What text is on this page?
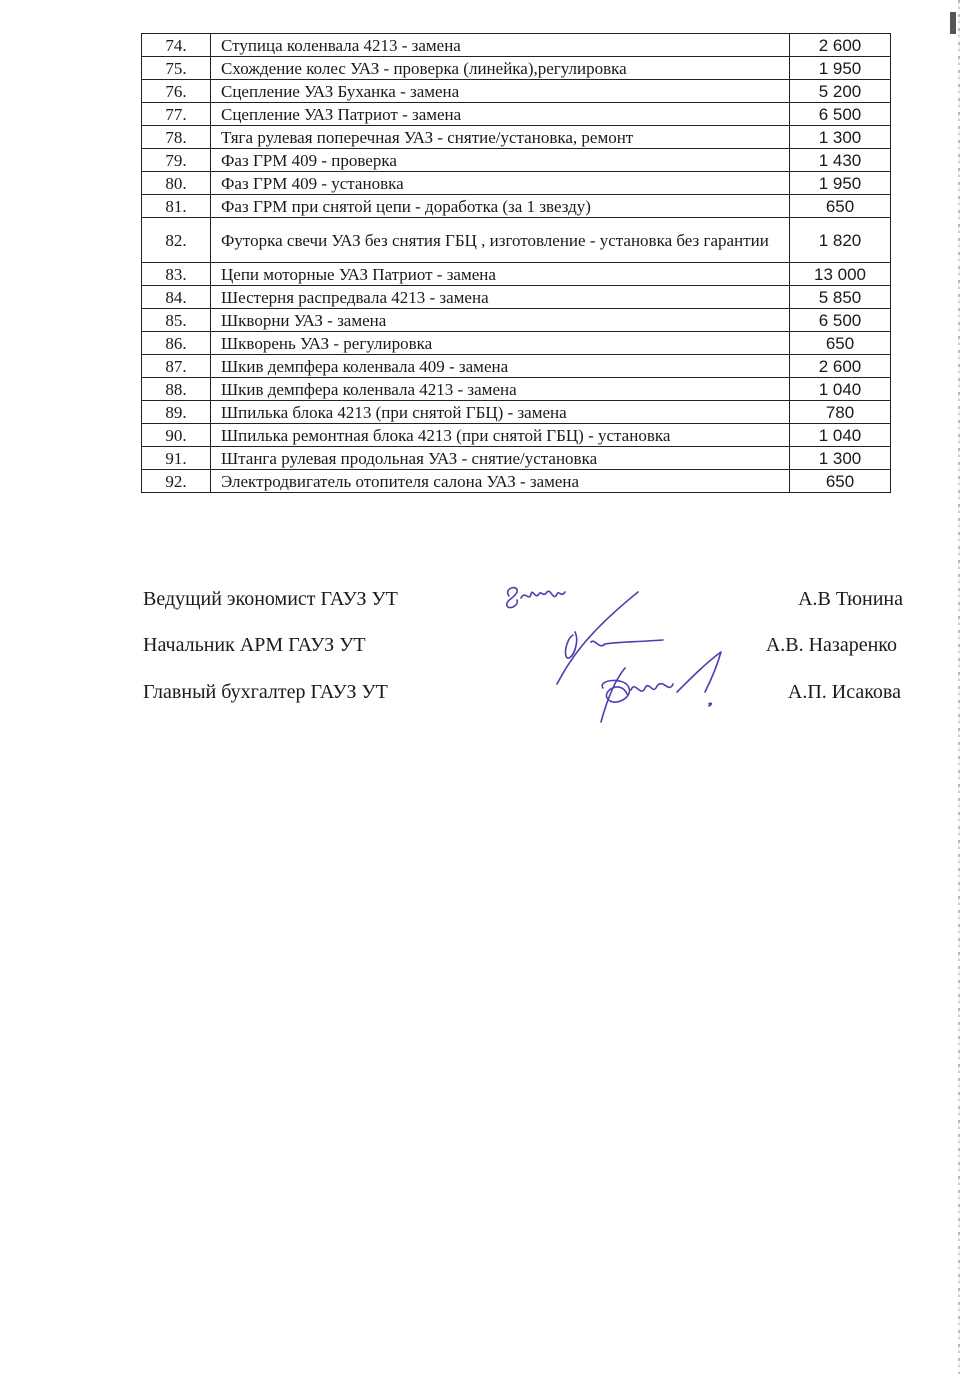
74.	Ступица коленвала 4213 - замена	2 600
75.	Схождение колес УАЗ - проверка (линейка),регулировка	1 950
76.	Сцепление УАЗ Буханка - замена	5 200
77.	Сцепление УАЗ Патриот - замена	6 500
78.	Тяга рулевая поперечная УАЗ - снятие/установка, ремонт	1 300
79.	Фаз ГРМ 409 - проверка	1 430
80.	Фаз ГРМ 409 - установка	1 950
81.	Фаз ГРМ при снятой цепи - доработка (за 1 звезду)	650
82.	Футорка свечи УАЗ без снятия ГБЦ , изготовление - установка без гарантии	1 820
83.	Цепи моторные УАЗ Патриот - замена	13 000
84.	Шестерня распредвала 4213 - замена	5 850
85.	Шкворни УАЗ - замена	6 500
86.	Шкворень УАЗ - регулировка	650
87.	Шкив демпфера коленвала 409 - замена	2 600
88.	Шкив демпфера коленвала 4213 - замена	1 040
89.	Шпилька блока 4213 (при снятой ГБЦ) - замена	780
90.	Шпилька ремонтная блока 4213 (при снятой ГБЦ) - установка	1 040
91.	Штанга рулевая продольная УАЗ - снятие/установка	1 300
92.	Электродвигатель отопителя салона УАЗ - замена	650
Ведущий экономист ГАУЗ УТ	А.В Тюнина
Начальник АРМ ГАУЗ УТ	А.В. Назаренко
Главный бухгалтер ГАУЗ УТ	А.П. Исакова
